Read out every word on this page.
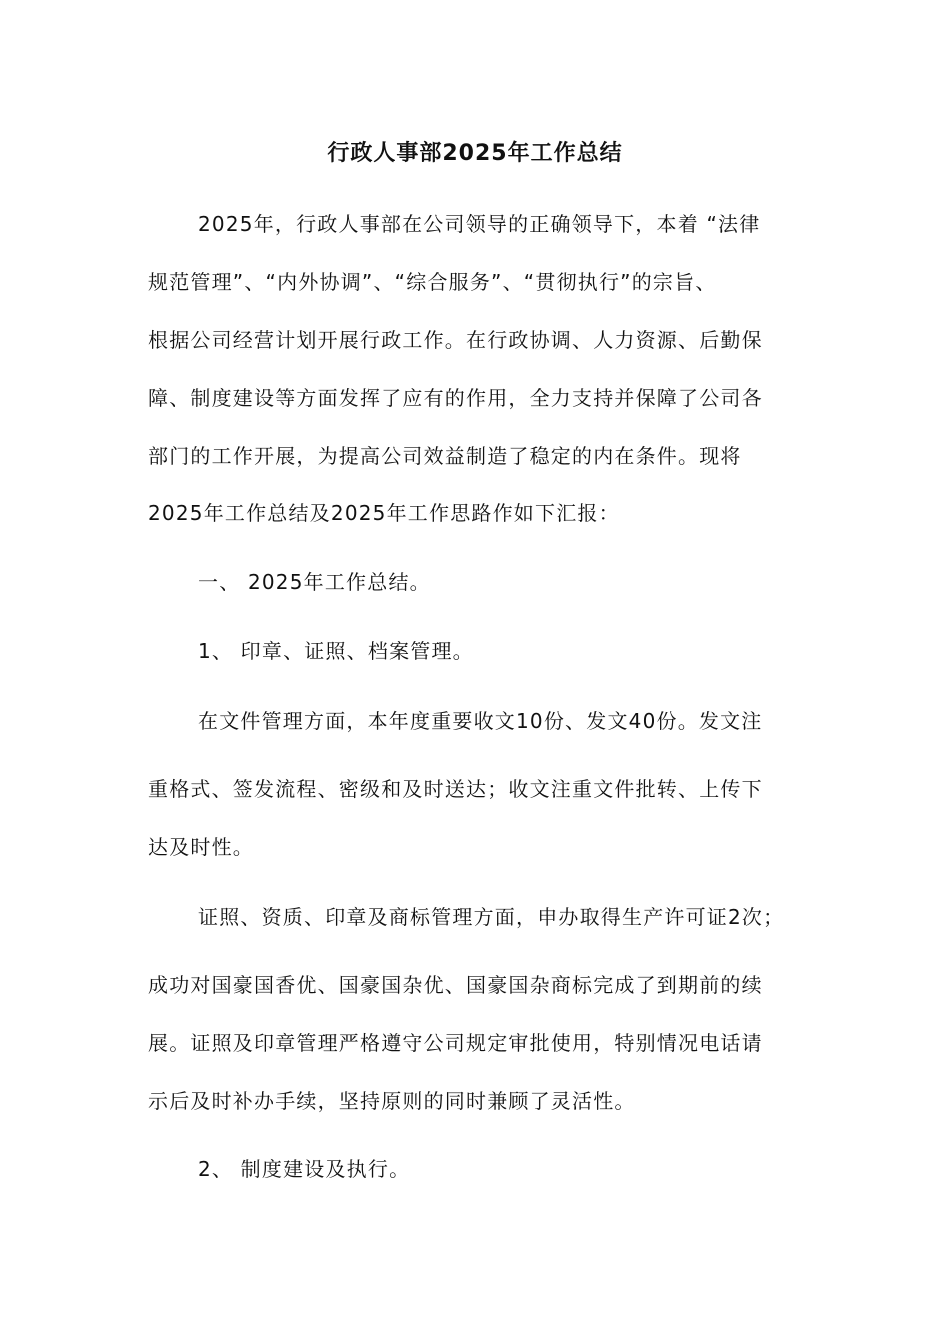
行政人事部2025年工作总结
2025年，行政人事部在公司领导的正确领导下，本着 “法律
规范管理”、“内外协调”、“综合服务”、“贯彻执行”的宗旨、
根据公司经营计划开展行政工作。在行政协调、人力资源、后勤保
障、制度建设等方面发挥了应有的作用，全力支持并保障了公司各
部门的工作开展，为提高公司效益制造了稳定的内在条件。现将
2025年工作总结及2025年工作思路作如下汇报：
一、 2025年工作总结。
1、 印章、证照、档案管理。
在文件管理方面，本年度重要收文10份、发文40份。发文注
重格式、签发流程、密级和及时送达；收文注重文件批转、上传下
达及时性。
证照、资质、印章及商标管理方面，申办取得生产许可证2次；
成功对国豪国香优、国豪国杂优、国豪国杂商标完成了到期前的续
展。证照及印章管理严格遵守公司规定审批使用，特别情况电话请
示后及时补办手续，坚持原则的同时兼顾了灵活性。
2、 制度建设及执行。
